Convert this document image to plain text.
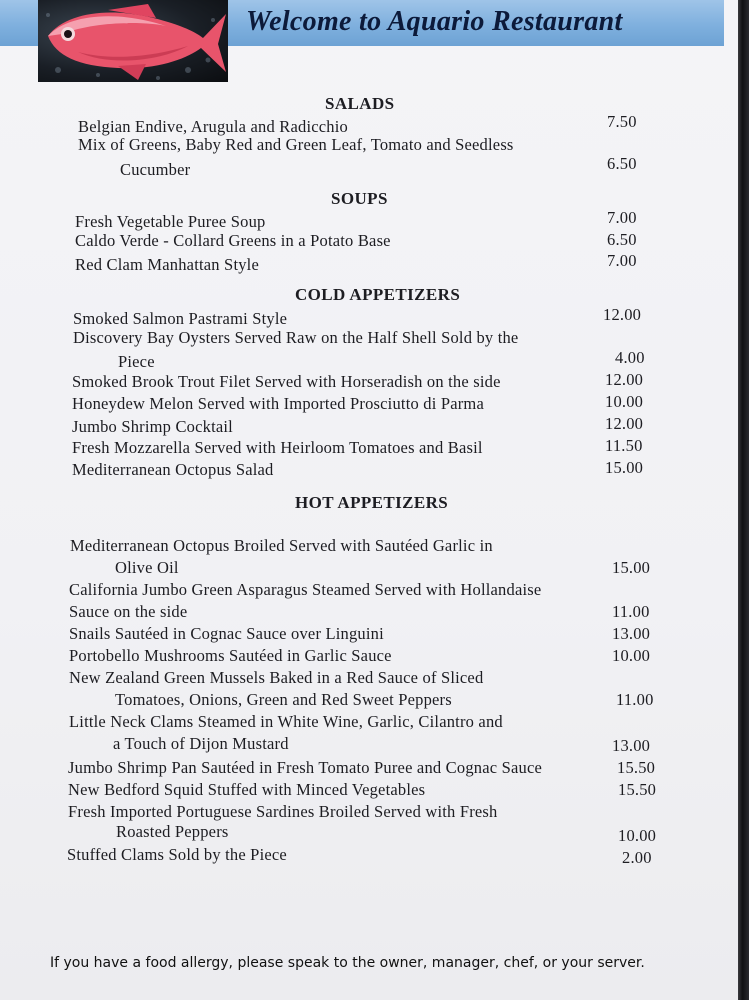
Welcome to Aquario Restaurant
SALADS
Belgian Endive, Arugula and Radicchio	7.50
Mix of Greens, Baby Red and Green Leaf, Tomato and Seedless
Cucumber	6.50
SOUPS
Fresh Vegetable Puree Soup	7.00
Caldo Verde - Collard Greens in a Potato Base	6.50
Red Clam Manhattan Style	7.00
COLD APPETIZERS
Smoked Salmon Pastrami Style	12.00
Discovery Bay Oysters Served Raw on the Half Shell Sold by the
Piece	4.00
Smoked Brook Trout Filet Served with Horseradish on the side	12.00
Honeydew Melon Served with Imported Prosciutto di Parma	10.00
Jumbo Shrimp Cocktail	12.00
Fresh Mozzarella Served with Heirloom Tomatoes and Basil	11.50
Mediterranean Octopus Salad	15.00
HOT APPETIZERS
Mediterranean Octopus Broiled Served with Sautéed Garlic in
Olive Oil	15.00
California Jumbo Green Asparagus Steamed Served with Hollandaise
Sauce on the side	11.00
Snails Sautéed in Cognac Sauce over Linguini	13.00
Portobello Mushrooms Sautéed in Garlic Sauce	10.00
New Zealand Green Mussels Baked in a Red Sauce of Sliced
Tomatoes, Onions, Green and Red Sweet Peppers	11.00
Little Neck Clams Steamed in White Wine, Garlic, Cilantro and
a Touch of Dijon Mustard	13.00
Jumbo Shrimp Pan Sautéed in Fresh Tomato Puree and Cognac Sauce	15.50
New Bedford Squid Stuffed with Minced Vegetables	15.50
Fresh Imported Portuguese Sardines Broiled Served with Fresh
Roasted Peppers	10.00
Stuffed Clams Sold by the Piece	2.00
If you have a food allergy, please speak to the owner, manager, chef, or your server.
